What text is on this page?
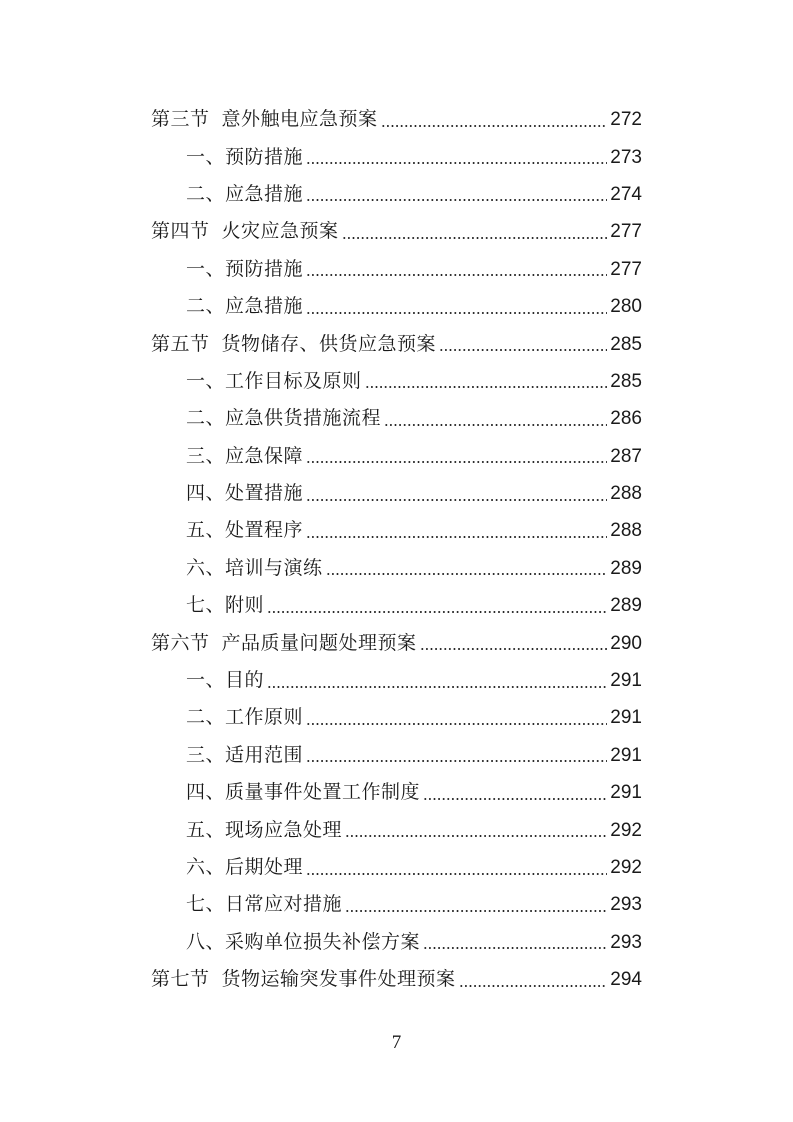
第三节 意外触电应急预案	272
一、预防措施	273
二、应急措施	274
第四节 火灾应急预案	277
一、预防措施	277
二、应急措施	280
第五节 货物储存、供货应急预案	285
一、工作目标及原则	285
二、应急供货措施流程	286
三、应急保障	287
四、处置措施	288
五、处置程序	288
六、培训与演练	289
七、附则	289
第六节 产品质量问题处理预案	290
一、目的	291
二、工作原则	291
三、适用范围	291
四、质量事件处置工作制度	291
五、现场应急处理	292
六、后期处理	292
七、日常应对措施	293
八、采购单位损失补偿方案	293
第七节 货物运输突发事件处理预案	294
7
